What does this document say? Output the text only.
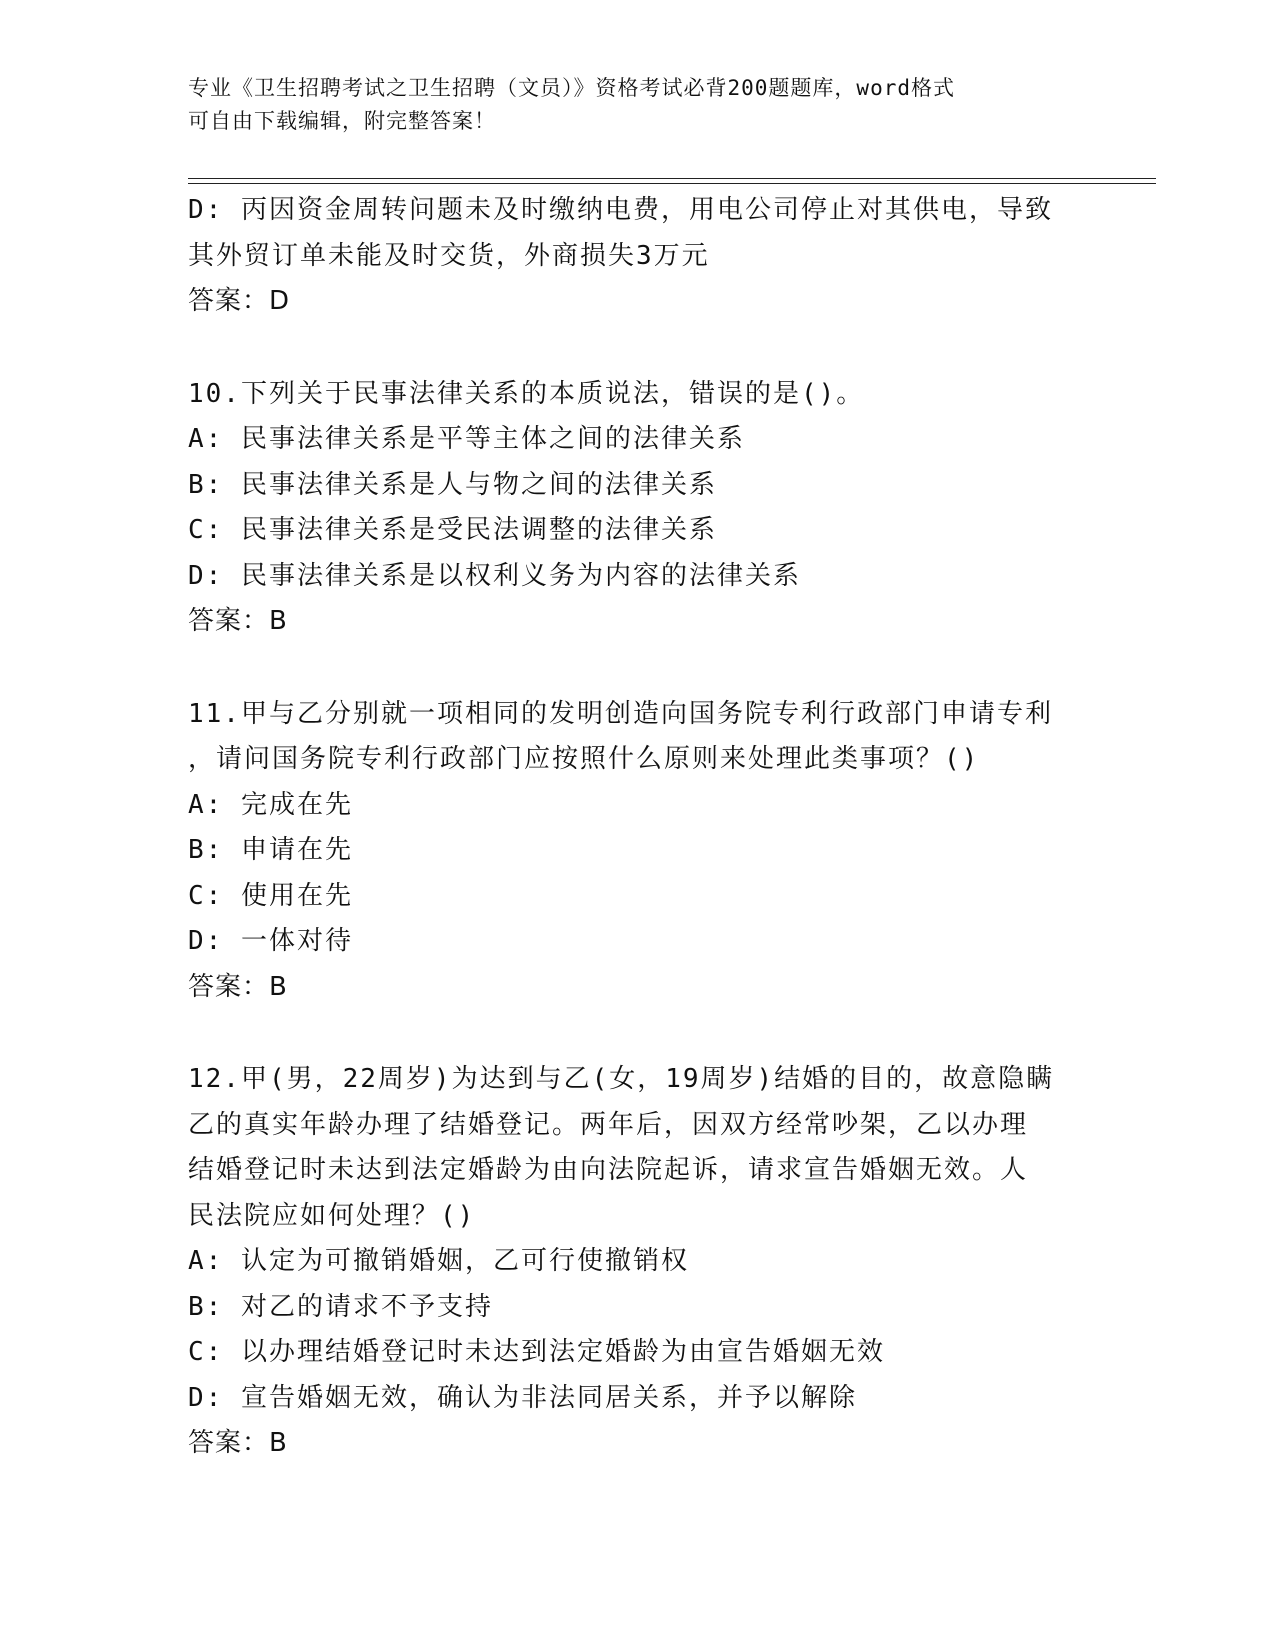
专业《卫生招聘考试之卫生招聘（文员）》资格考试必背200题题库，word格式
可自由下载编辑，附完整答案！
D: 丙因资金周转问题未及时缴纳电费，用电公司停止对其供电，导致
其外贸订单未能及时交货，外商损失3万元
答案：D
10.下列关于民事法律关系的本质说法，错误的是()。
A: 民事法律关系是平等主体之间的法律关系
B: 民事法律关系是人与物之间的法律关系
C: 民事法律关系是受民法调整的法律关系
D: 民事法律关系是以权利义务为内容的法律关系
答案：B
11.甲与乙分别就一项相同的发明创造向国务院专利行政部门申请专利
，请问国务院专利行政部门应按照什么原则来处理此类事项？()
A: 完成在先
B: 申请在先
C: 使用在先
D: 一体对待
答案：B
12.甲(男，22周岁)为达到与乙(女，19周岁)结婚的目的，故意隐瞒
乙的真实年龄办理了结婚登记。两年后，因双方经常吵架，乙以办理
结婚登记时未达到法定婚龄为由向法院起诉，请求宣告婚姻无效。人
民法院应如何处理？()
A: 认定为可撤销婚姻，乙可行使撤销权
B: 对乙的请求不予支持
C: 以办理结婚登记时未达到法定婚龄为由宣告婚姻无效
D: 宣告婚姻无效，确认为非法同居关系，并予以解除
答案：B
